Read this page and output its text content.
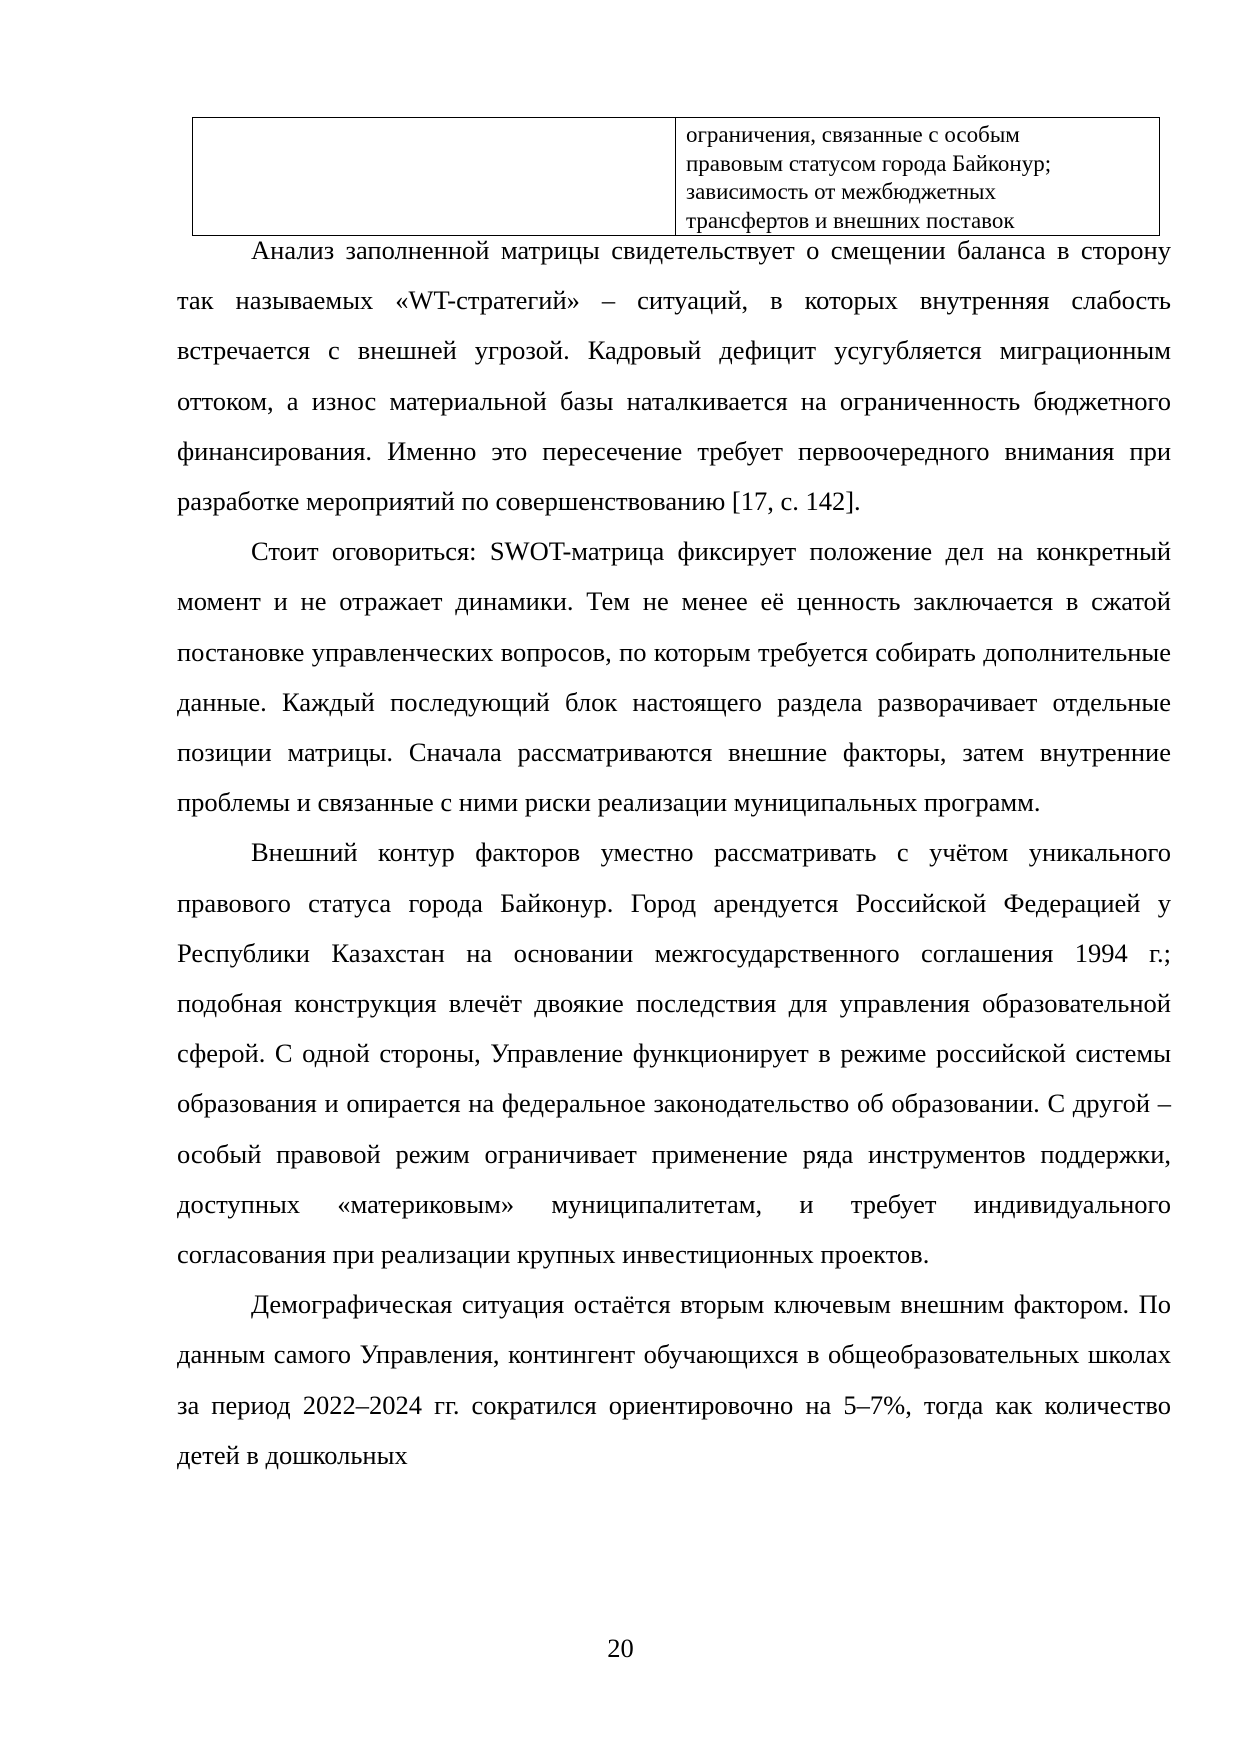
ограничения, связанные с особым
правовым статусом города Байконур;
зависимость от межбюджетных
трансфертов и внешних поставок

Анализ заполненной матрицы свидетельствует о смещении баланса в сторону так называемых «WT-стратегий» – ситуаций, в которых внутренняя слабость встречается с внешней угрозой. Кадровый дефицит усугубляется миграционным оттоком, а износ материальной базы наталкивается на ограниченность бюджетного финансирования. Именно это пересечение требует первоочередного внимания при разработке мероприятий по совершенствованию [17, с. 142].

Стоит оговориться: SWOT-матрица фиксирует положение дел на конкретный момент и не отражает динамики. Тем не менее её ценность заключается в сжатой постановке управленческих вопросов, по которым требуется собирать дополнительные данные. Каждый последующий блок настоящего раздела разворачивает отдельные позиции матрицы. Сначала рассматриваются внешние факторы, затем внутренние проблемы и связанные с ними риски реализации муниципальных программ.

Внешний контур факторов уместно рассматривать с учётом уникального правового статуса города Байконур. Город арендуется Российской Федерацией у Республики Казахстан на основании межгосударственного соглашения 1994 г.; подобная конструкция влечёт двоякие последствия для управления образовательной сферой. С одной стороны, Управление функционирует в режиме российской системы образования и опирается на федеральное законодательство об образовании. С другой – особый правовой режим ограничивает применение ряда инструментов поддержки, доступных «материковым» муниципалитетам, и требует индивидуального согласования при реализации крупных инвестиционных проектов.

Демографическая ситуация остаётся вторым ключевым внешним фактором. По данным самого Управления, контингент обучающихся в общеобразовательных школах за период 2022–2024 гг. сократился ориентировочно на 5–7%, тогда как количество детей в дошкольных

20
